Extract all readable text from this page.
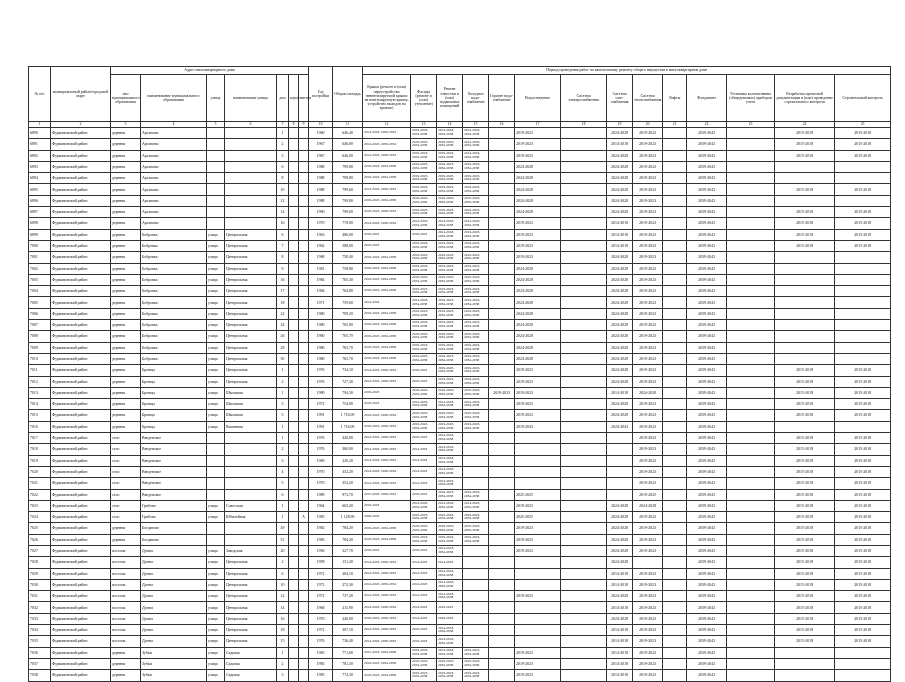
№ п/п	муниципальный район/городской округ	Адрес многоквартирного дома							Год постройки	Общая площадь	Период проведения работ по капитальному ремонту общего имущества в многоквартирном доме													
		тип муниципального образования	наименование муниципального образования	улица	наименование улицы	дом	корпус	литера			Крыша (ремонт и (или) переустройство невентилируемой крыши на вентилируемую крышу, устройство выходов на кровлю)	Фасады (ремонт и (или) утепление)	Ремонт отмостки и (или) подвальных помещений	Холодное водо-снабжение	Горячее водо-снабжение	Водоотведение	Система электроснабжения	Система газо-снабжения	Система теплоснабжения	Лифты	Фундамент	Установка коллективных (общедомовых) приборов учета	Разработка проектной документации и (или) проведение строительного контроля	Строительный контроль
1	2	3	4	5	6	7	8	9	10	11	12	13	14	15	16	17	18	19	20	21	22	23	24	25
6890	Фурмановский район	деревня	Архипово			1			1960	646,40	2014-2018, 2030-2034	2019-2023, 2034-2038	2014-2018, 2034-2038	2014-2018, 2034-2038		2019-2023		2024-2028	2019-2023		2039-2043		2015-2018	2015-2018
6891	Фурмановский район	деревня	Архипово			2			1967	646,00	2014-2018, 2030-2034	2019-2023, 2034-2038	2019-2023, 2034-2038	2014-2018, 2034-2038		2019-2023		2014-2018	2019-2023		2039-2043		2015-2018	2015-2018
6892	Фурмановский район	деревня	Архипово			3			1967	646,00	2014-2018, 2030-2034	2019-2023, 2034-2038	2019-2023, 2034-2038	2014-2018, 2034-2038		2019-2023		2024-2028	2019-2023		2039-2043		2015-2018	2015-2018
6893	Фурмановский район	деревня	Архипово			6			1988	799,80	2019-2023, 2034-2038	2019-2023, 2034-2038	2019-2023, 2034-2038	2019-2023, 2034-2038		2024-2028		2024-2028	2019-2022		2039-2043			
6894	Фурмановский район	деревня	Архипово			8			1988	799,80	2019-2023, 2034-2038	2019-2023, 2034-2038	2019-2023, 2034-2038	2019-2023, 2034-2038		2024-2028		2024-2028	2019-2023		2039-2043			
6895	Фурмановский район	деревня	Архипово			10			1988	799,60	2013-2018, 2030-2034	2019-2023, 2034-2038	2019-2023, 2034-2038	2019-2023, 2034-2038		2024-2028		2024-2028	2019-2023		2039-2043		2015-2018	2015-2018
6896	Фурмановский район	деревня	Архипово			12			1988	799,80	2019-2023, 2034-2038	2019-2023, 2034-2038	2019-2023, 2034-2038	2019-2023, 2034-2038		2024-2028		2024-2028	2019-2023		2039-2043			
6897	Фурмановский район	деревня	Архипово			14			1990	799,00	2019-2023, 2030-2034	2019-2023, 2034-2038	2019-2023, 2034-2038	2019-2023, 2034-2038		2024-2028		2024-2028	2019-2023		2039-2043		2015-2018	2015-2018
6898	Фурмановский район	деревня	Архипово			16			1970	778,00	2014-2018, 2030-2034	2014-2018, 2034-2038	2014-2018, 2034-2038	2014-2018, 2034-2038		2019-2023		2014-2018	2019-2023		2039-2043		2015-2018	2015-2018
6899	Фурмановский район	деревня	Бобровка	улица	Центральная	6			1963	486,00	2019-2023	2019-2023	2014-2018, 2034-2038	2019-2023, 2034-2038		2019-2023		2014-2018	2019-2023		2039-2043		2015-2018	2015-2018
7000	Фурмановский район	деревня	Бобровка	улица	Центральная	7			1962	588,00	2019-2023	2019-2023, 2034-2038	2019-2023, 2034-2038	2019-2023, 2034-2038		2019-2023		2014-2018	2019-2023		2039-2043		2015-2018	2015-2018
7001	Фурмановский район	деревня	Бобровка	улица	Центральная	8			1968	758,40	2019-2023, 2034-2038	2019-2023, 2034-2038	2019-2023, 2034-2038	2019-2023, 2034-2038		2019-2023		2024-2028	2019-2023		2039-2043			
7002	Фурмановский район	деревня	Бобровка	улица	Центральная	9			1981	758,80	2019-2023, 2034-2038	2019-2023, 2034-2038	2019-2023, 2034-2038	2019-2023, 2034-2038		2024-2028		2024-2028	2019-2023		2039-2043			
7003	Фурмановский район	деревня	Бобровка	улица	Центральная	16			1984	765,30	2019-2023, 2034-2038	2019-2023, 2034-2038	2019-2023, 2034-2038	2019-2023, 2034-2038		2024-2028		2024-2028	2019-2023		2039-2043			
7004	Фурмановский район	деревня	Бобровка	улица	Центральная	17			1984	764,80	2019-2023, 2034-2038	2019-2023, 2034-2038	2019-2023, 2034-2038	2019-2023, 2034-2038		2024-2028		2024-2028	2019-2023		2039-2043			
7005	Фурмановский район	деревня	Бобровка	улица	Центральная	18			1971	759,60	2014-2018	2014-2018, 2034-2038	2019-2023, 2034-2038	2019-2023, 2034-2038		2024-2028		2024-2028	2019-2023		2039-2043			
7006	Фурмановский район	деревня	Бобровка	улица	Центральная	22			1980	799,20	2019-2023, 2034-2038	2019-2023, 2034-2038	2019-2023, 2034-2038	2019-2023, 2034-2038		2024-2028		2024-2028	2019-2023		2039-2043			
7007	Фурмановский район	деревня	Бобровка	улица	Центральная	24			1980	765,80	2019-2023, 2034-2038	2019-2023, 2034-2038	2019-2023, 2034-2038	2019-2023, 2034-2038		2024-2028		2024-2028	2019-2023		2039-2043			
7008	Фурмановский район	деревня	Бобровка	улица	Центральная	26			1980	765,70	2019-2023, 2034-2038	2019-2023, 2034-2038	2019-2023, 2034-2038	2019-2023, 2034-2038		2024-2028		2024-2028	2019-2023		2039-2043			
7009	Фурмановский район	деревня	Бобровка	улица	Центральная	28			1980	765,70	2019-2023, 2034-2038	2019-2023, 2034-2038	2019-2023, 2034-2038	2019-2023, 2034-2038		2024-2028		2024-2028	2019-2023		2039-2043			
7010	Фурмановский район	деревня	Бобровка	улица	Центральная	30			1980	765,70	2019-2023, 2034-2038	2019-2023, 2034-2038	2019-2023, 2034-2038	2019-2023, 2034-2038		2024-2028		2024-2028	2019-2023		2039-2043			
7011	Фурмановский район	деревня	Бронцы	улица	Центральная	1			1976	734,10	2014-2018, 2030-2034	2019-2023	2019-2023, 2034-2038	2019-2023, 2034-2038		2019-2023		2024-2028	2019-2023		2039-2043		2015-2018	2015-2018
7012	Фурмановский район	деревня	Бронцы	улица	Центральная	2			1976	727,30	2014-2018, 2030-2034	2019-2023	2019-2023, 2034-2038	2019-2023, 2034-2038		2019-2023		2024-2028	2019-2023		2039-2043		2015-2018	2015-2018
7013	Фурмановский район	деревня	Бронцы	улица	Школьная	1			1980	794,30	2019-2023	2019-2023, 2034-2038	2019-2023, 2034-2038	2019-2023, 2034-2038	2019-2023	2019-2023		2014-2018	2024-2028		2039-2043		2015-2018	2015-2018
7014	Фурмановский район	деревня	Бронцы	улица	Школьная	3			1972	754,80	2019-2023	2014-2018, 2034-2038	2014-2018, 2034-2038	2014-2018, 2034-2038		2019-2023		2024-2028	2019-2023		2039-2043		2015-2018	2015-2018
7015	Фурмановский район	деревня	Бронцы	улица	Школьная	5			1991	1 716,00	2019-2023, 2030-2034	2019-2023, 2034-2038	2019-2023, 2034-2038	2019-2023, 2034-2038		2019-2023		2024-2028	2019-2023		2039-2043		2015-2018	2015-2018
7016	Фурмановский район	деревня	Бронцы	улица	Вишневая	1			1991	1 716,00	2019-2023, 2030-2034	2019-2023, 2034-2038	2019-2023, 2034-2038	2019-2023, 2034-2038		2019-2043		2024-2043	2019-2023		2039-2043			
7017	Фурмановский район	село	Введенское			1			1976	420,00	2014-2018, 2030-2034	2019-2023	2014-2018, 2034-2038						2019-2023		2039-2043		2015-2018	2015-2018
7018	Фурмановский район	село	Введенское			2			1976	360,00	2014-2018, 2030-2034	2014-2018	2014-2018, 2034-2038						2019-2023		2039-2043		2015-2018	2015-2018
7019	Фурмановский район	село	Введенское			3			1969	220,20	2014-2018, 2030-2034	2014-2018	2014-2018, 2034-2038						2019-2023		2039-2043		2015-2018	2015-2018
7020	Фурмановский район	село	Введенское			4			1970	352,20	2014-2018, 2030-2034	2014-2018	2014-2018, 2034-2038						2019-2023		2039-2043		2015-2018	2015-2018
7021	Фурмановский район	село	Введенское			5			1970	352,20	2014-2018, 2030-2034	2014-2018	2014-2018, 2034-2038						2019-2023		2039-2043		2015-2018	2015-2018
7022	Фурмановский район	село	Введенское			6			1989	973,70	2015-2018, 2030-2034	2019-2023	2019-2023, 2034-2038	2019-2023, 2034-2038		2025-2025			2019-2025		2039-2043		2015-2018	2015-2018
7023	Фурмановский район	село	Грибово	улица	Советская	1			1964	663,20	2019-2023	2014-2018, 2034-2038	2014-2018, 2034-2038	2014-2018, 2034-2038		2019-2023		2024-2028	2024-2028		2039-2043		2015-2018	2015-2018
7024	Фурмановский район	село	Грибово	улица	Юбилейная	1		А	1983	1 128,90	2029-2033	2019-2023, 2034-2038	2019-2023, 2034-2038	2019-2023, 2034-2038		2025-2025		2024-2028	2019-2023		2039-2043		2015-2018	2015-2018
7025	Фурмановский район	деревня	Богданово			49			1982	784,20	2019-2023, 2034-2038	2019-2023, 2034-2038	2019-2023, 2034-2038	2019-2023, 2034-2038		2019-2023		2024-2028	2019-2023		2039-2043		2015-2018	2015-2018
7026	Фурмановский район	деревня	Богданово			51			1983	784,20	2019-2023, 2034-2038	2019-2023, 2034-2038	2019-2023, 2034-2038	2019-2023, 2034-2038		2019-2023		2024-2028	2019-2023		2039-2043		2015-2018	2015-2018
7027	Фурмановский район	поселок	Думна	улица	Заводская	20			1956	327,70	2019-2023	2019-2023	2014-2018, 2034-2038			2019-2023		2024-2028	2019-2023		2039-2043		2015-2018	2015-2018
7028	Фурмановский район	поселок	Думна	улица	Центральная	2			1958	131,20	2014-2018, 2030-2034	2014-2018	2014-2018					2024-2028			2039-2043		2015-2018	2015-2018
7029	Фурмановский район	поселок	Думна	улица	Центральная	6			1972	204,10	2014-2018, 2030-2034	2014-2018	2014-2018, 2034-2038					2014-2018	2019-2023		2039-2043		2015-2018	2015-2018
7030	Фурмановский район	поселок	Думна	улица	Центральная	10			1972	272,30	2014-2018, 2030-2034	2014-2018	2014-2018, 2034-2038					2014-2018	2019-2023		2039-2043		2015-2018	2015-2018
7031	Фурмановский район	поселок	Думна	улица	Центральная	12			1972	737,20	2014-2018, 2030-2034	2014-2018	2014-2018, 2034-2038			2019-2023		2024-2028	2019-2023		2039-2043		2015-2018	2015-2018
7032	Фурмановский район	поселок	Думна	улица	Центральная	14			1968	211,90	2014-2018, 2030-2034	2014-2018	2019-2023					2014-2018	2019-2023		2039-2043		2015-2018	2015-2018
7033	Фурмановский район	поселок	Думна	улица	Центральная	16			1970	240,00	2019-2023, 2030-2034	2014-2018	2019-2023					2024-2028	2019-2023		2039-2043		2015-2018	2015-2018
7034	Фурмановский район	поселок	Думна	улица	Центральная	18			1972	307,10	2014-2018, 2030-2034	2019-2023	2014-2018, 2034-2038					2014-2018	2019-2023		2039-2043		2015-2018	2015-2018
7035	Фурмановский район	поселок	Думна	улица	Центральная	15			1976	736,40	2014-2018, 2030-2034	2019-2023	2014-2018, 2034-2038					2014-2018	2019-2023		2039-2043		2015-2018	2015-2018
7036	Фурмановский район	деревня	Зубки	улица	Садовая	1			1965	771,00	2015-2023, 2034-2038	2019-2023, 2034-2038	2014-2018, 2034-2038	2019-2023, 2034-2038		2019-2023		2014-2018	2019-2023		2039-2043			
7037	Фурмановский район	деревня	Зубки	улица	Садовая	2			1983	781,30	2019-2023, 2034-2038	2019-2023, 2034-2038	2019-2023, 2034-2038	2019-2023, 2034-2038		2019-2023		2014-2018	2019-2023		2039-2043			
7038	Фурмановский район	деревня	Зубки	улица	Садовая	3			1983	774,30	2019-2023, 2034-2038	2019-2023, 2034-2038	2019-2023, 2034-2038	2019-2023, 2034-2038		2019-2023		2014-2018	2019-2023		2039-2043			
